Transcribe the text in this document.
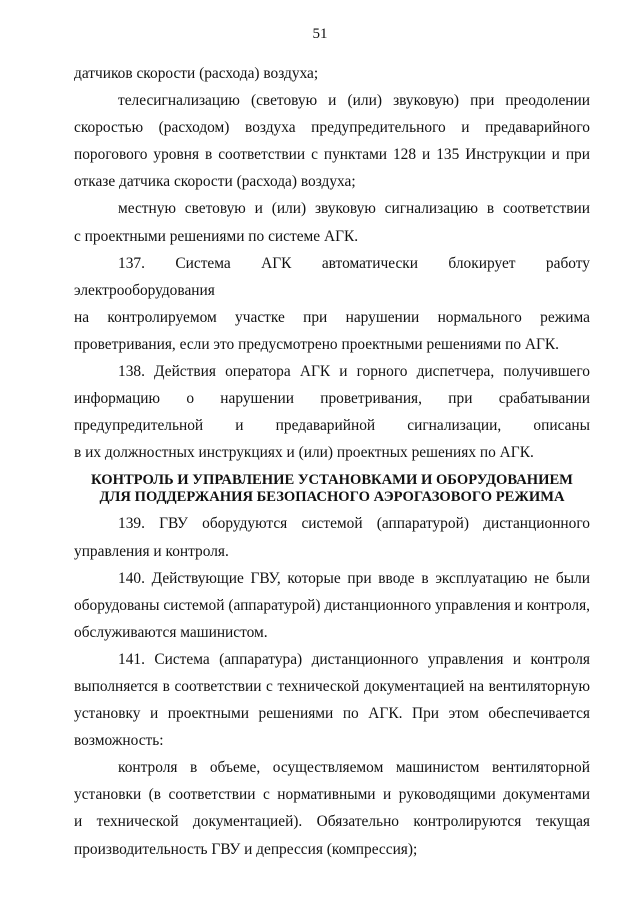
51
датчиков скорости (расхода) воздуха;
телесигнализацию (световую и (или) звуковую) при преодолении
скоростью (расходом) воздуха предупредительного и предаварийного
порогового уровня в соответствии с пунктами 128 и 135 Инструкции и при
отказе датчика скорости (расхода) воздуха;
местную световую и (или) звуковую сигнализацию в соответствии
с проектными решениями по системе АГК.
137. Система АГК автоматически блокирует работу электрооборудования
на контролируемом участке при нарушении нормального режима
проветривания, если это предусмотрено проектными решениями по АГК.
138. Действия оператора АГК и горного диспетчера, получившего
информацию о нарушении проветривания, при срабатывании
предупредительной и предаварийной сигнализации, описаны
в их должностных инструкциях и (или) проектных решениях по АГК.
КОНТРОЛЬ И УПРАВЛЕНИЕ УСТАНОВКАМИ И ОБОРУДОВАНИЕМ
ДЛЯ ПОДДЕРЖАНИЯ БЕЗОПАСНОГО АЭРОГАЗОВОГО РЕЖИМА
139. ГВУ оборудуются системой (аппаратурой) дистанционного
управления и контроля.
140. Действующие ГВУ, которые при вводе в эксплуатацию не были
оборудованы системой (аппаратурой) дистанционного управления и контроля,
обслуживаются машинистом.
141. Система (аппаратура) дистанционного управления и контроля
выполняется в соответствии с технической документацией на вентиляторную
установку и проектными решениями по АГК. При этом обеспечивается
возможность:
контроля в объеме, осуществляемом машинистом вентиляторной
установки (в соответствии с нормативными и руководящими документами
и технической документацией). Обязательно контролируются текущая
производительность ГВУ и депрессия (компрессия);
